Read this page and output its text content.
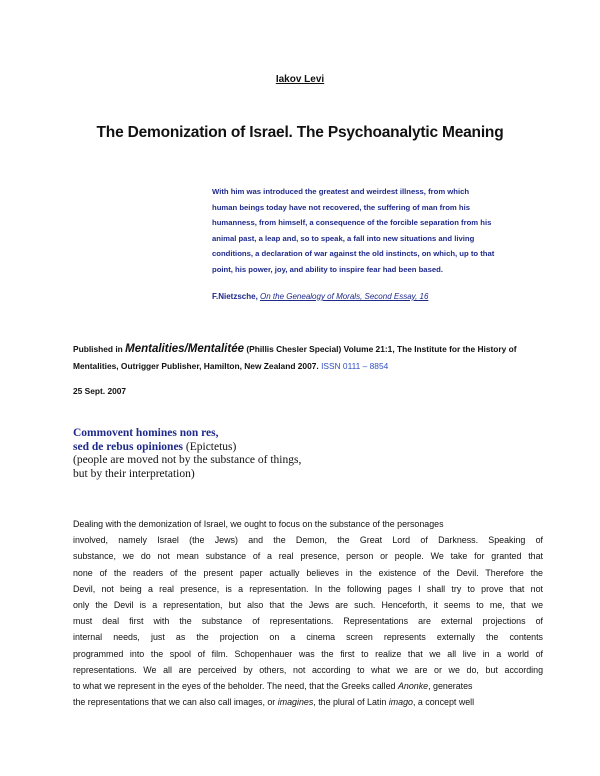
Iakov Levi
The Demonization of Israel. The Psychoanalytic Meaning
With him was introduced the greatest and weirdest illness, from which
human beings today have not recovered, the suffering of man from his
humanness, from himself, a consequence of the forcible separation from his
animal past, a leap and, so to speak, a fall into new situations and living
conditions, a declaration of war against the old instincts, on which, up to that
point, his power, joy, and ability to inspire fear had been based.
F.Nietzsche, On the Genealogy of Morals, Second Essay, 16
Published in Mentalities/Mentalitée (Phillis Chesler Special) Volume 21:1, The Institute for the History of Mentalities, Outrigger Publisher, Hamilton, New Zealand 2007. ISSN 0111 – 8854
25 Sept. 2007
Commovent homines non res,
sed de rebus opiniones (Epictetus)
(people are moved not by the substance of things,
but by their interpretation)
Dealing with the demonization of Israel, we ought to focus on the substance of the personages
involved, namely Israel (the Jews) and the Demon, the Great Lord of Darkness. Speaking of
substance, we do not mean substance of a real presence, person or people. We take for granted that
none of the readers of the present paper actually believes in the existence of the Devil. Therefore the
Devil, not being a real presence, is a representation. In the following pages I shall try to prove that not
only the Devil is a representation, but also that the Jews are such. Henceforth, it seems to me, that we
must deal first with the substance of representations. Representations are external projections of
internal needs, just as the projection on a cinema screen represents externally the contents
programmed into the spool of film. Schopenhauer was the first to realize that we all live in a world of
representations. We all are perceived by others, not according to what we are or we do, but according
to what we represent in the eyes of the beholder. The need, that the Greeks called Anonke, generates
the representations that we can also call images, or imagines, the plural of Latin imago, a concept well
